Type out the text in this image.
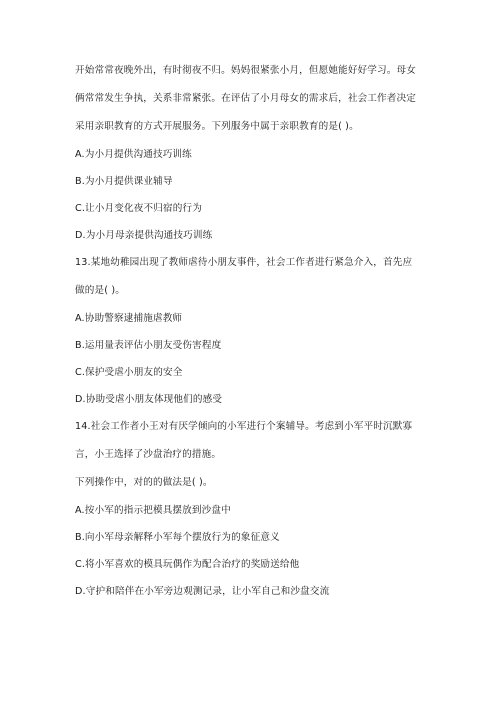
开始常常夜晚外出，有时彻夜不归。妈妈很紧张小月，但愿她能好好学习。母女
俩常常发生争执，关系非常紧张。在评估了小月母女的需求后，社会工作者决定
采用亲职教育的方式开展服务。下列服务中属于亲职教育的是( )。
A.为小月提供沟通技巧训练
B.为小月提供课业辅导
C.让小月变化夜不归宿的行为
D.为小月母亲提供沟通技巧训练
13.某地幼稚园出现了教师虐待小朋友事件，社会工作者进行紧急介入，首先应
做的是( )。
A.协助警察逮捕施虐教师
B.运用量表评估小朋友受伤害程度
C.保护受虐小朋友的安全
D.协助受虐小朋友体现他们的感受
14.社会工作者小王对有厌学倾向的小军进行个案辅导。考虑到小军平时沉默寡
言，小王选择了沙盘治疗的措施。
下列操作中，对的的做法是( )。
A.按小军的指示把模具摆放到沙盘中
B.向小军母亲解释小军每个摆放行为的象征意义
C.将小军喜欢的模具玩偶作为配合治疗的奖励送给他
D.守护和陪伴在小军旁边观测记录，让小军自己和沙盘交流
